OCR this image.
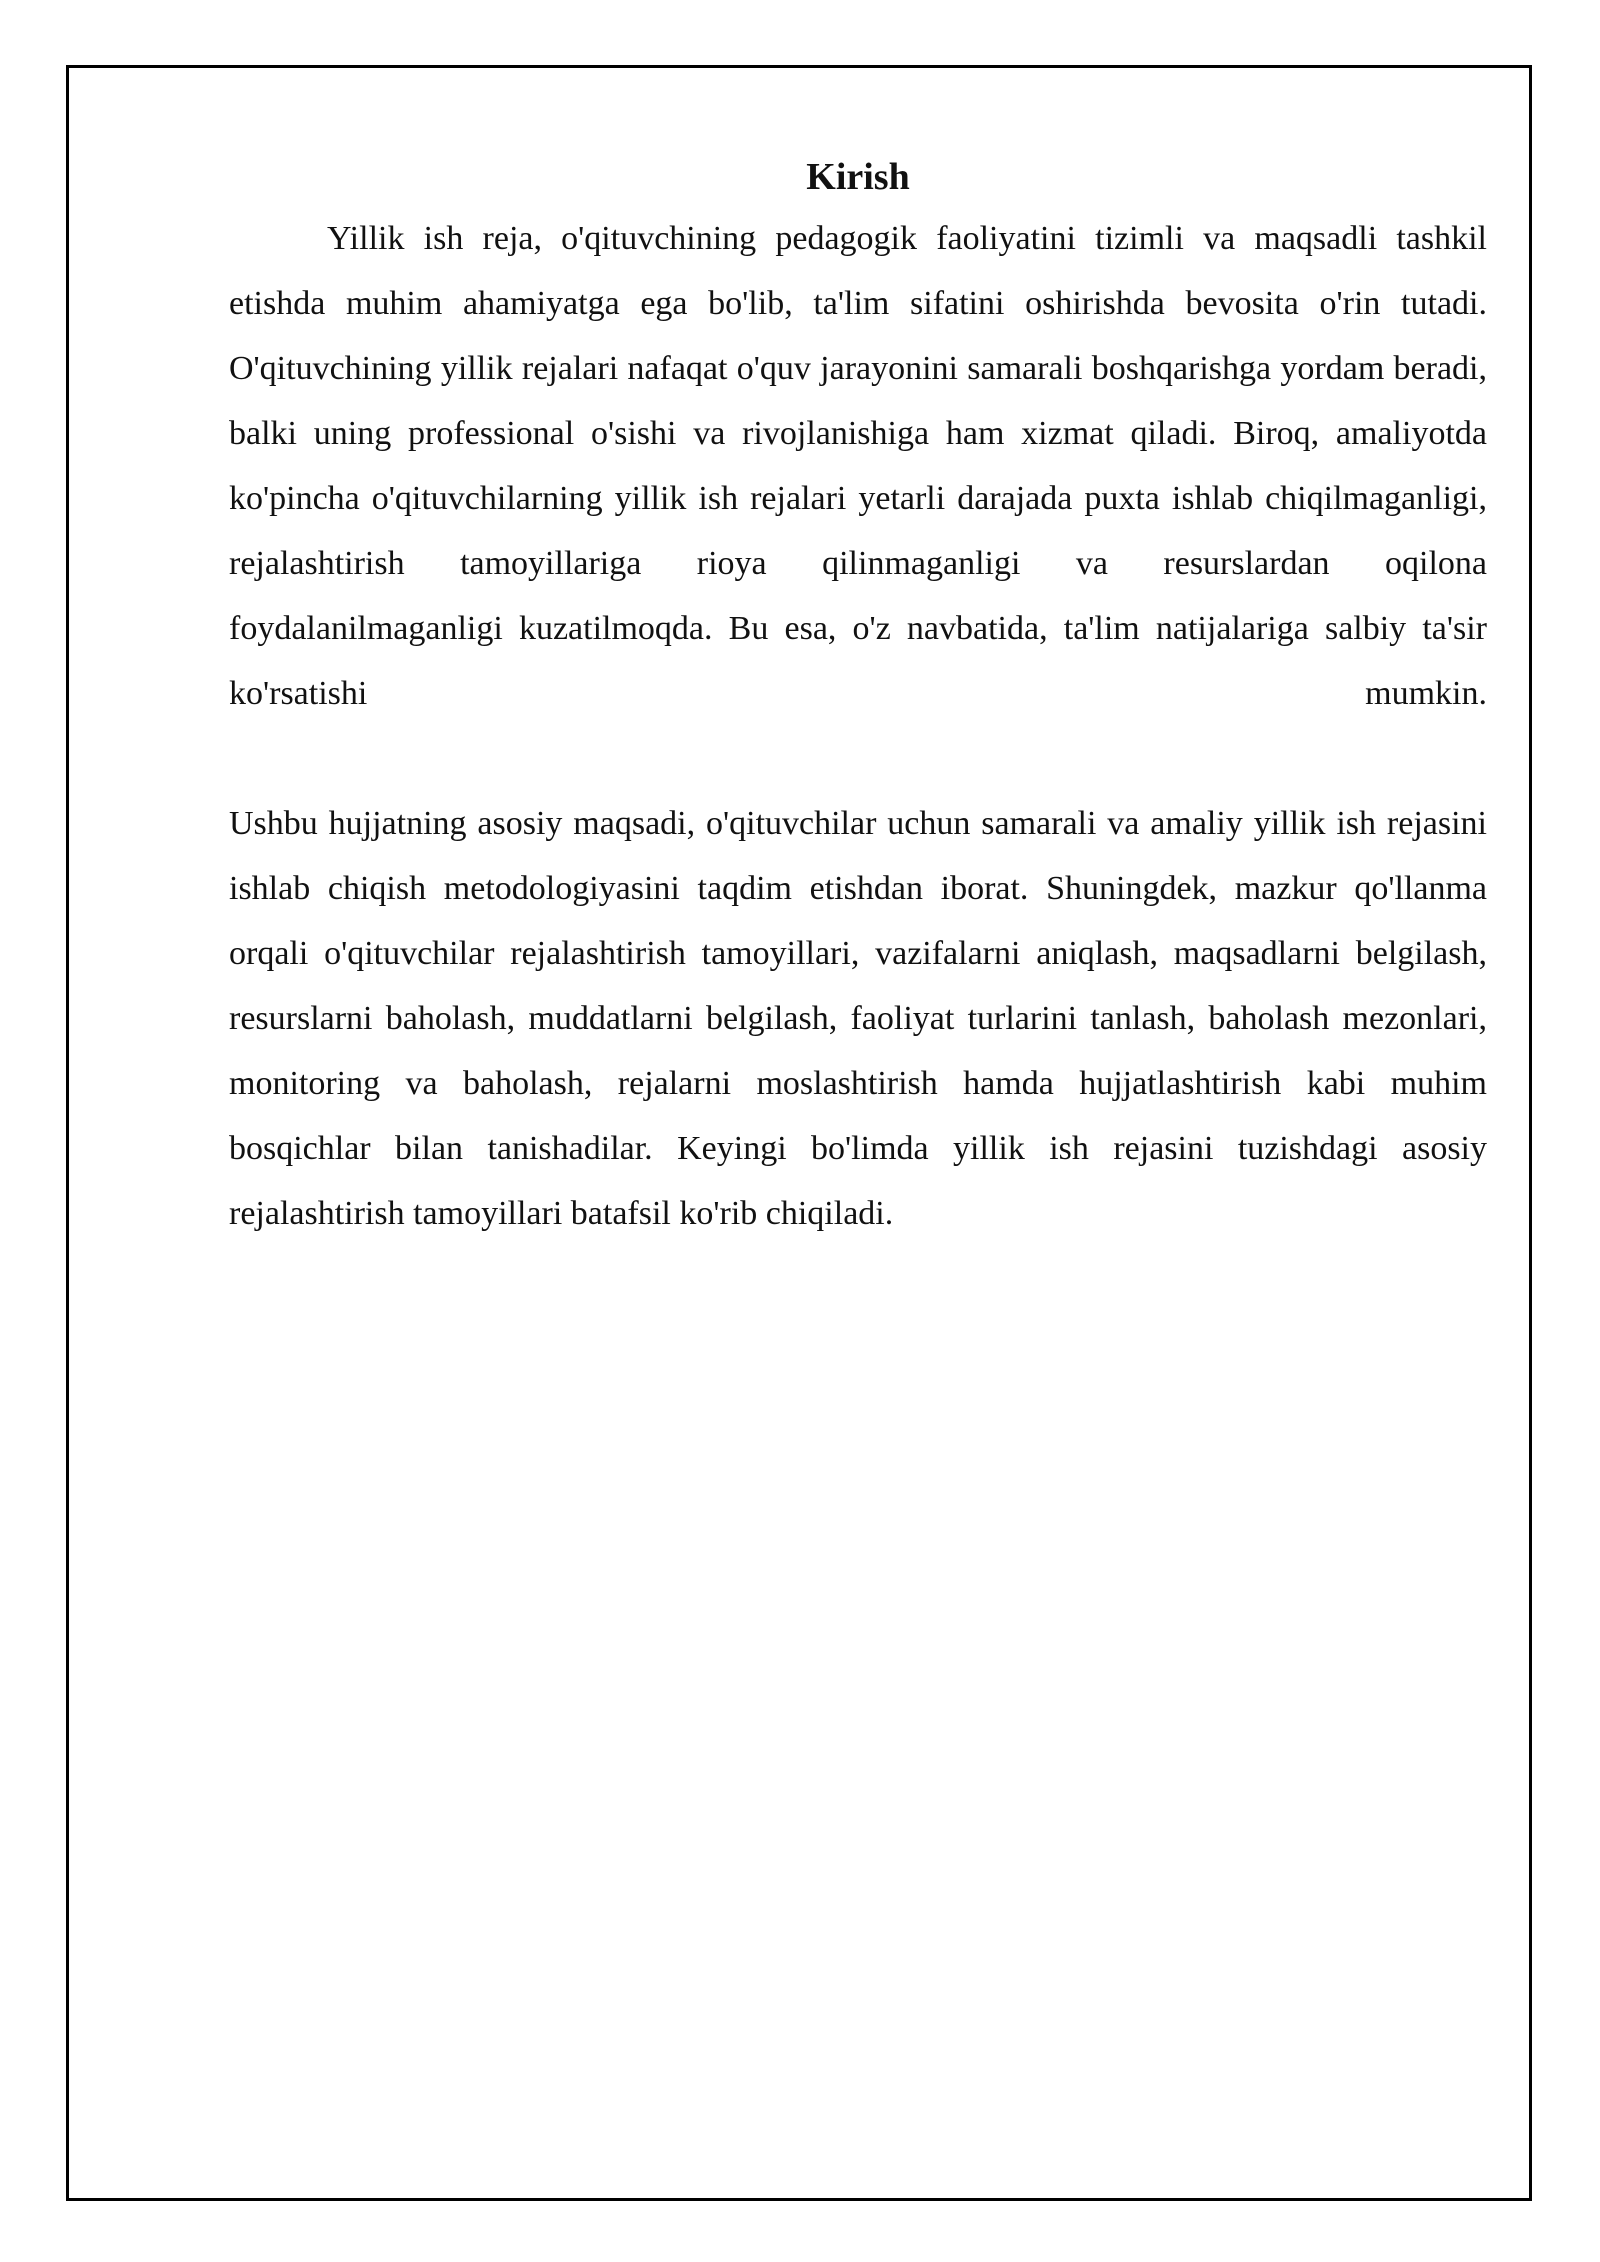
Kirish

Yillik ish reja, o'qituvchining pedagogik faoliyatini tizimli va maqsadli tashkil etishda muhim ahamiyatga ega bo'lib, ta'lim sifatini oshirishda bevosita o'rin tutadi. O'qituvchining yillik rejalari nafaqat o'quv jarayonini samarali boshqarishga yordam beradi, balki uning professional o'sishi va rivojlanishiga ham xizmat qiladi. Biroq, amaliyotda ko'pincha o'qituvchilarning yillik ish rejalari yetarli darajada puxta ishlab chiqilmaganligi, rejalashtirish tamoyillariga rioya qilinmaganligi va resurslardan oqilona foydalanilmaganligi kuzatilmoqda. Bu esa, o'z navbatida, ta'lim natijalariga salbiy ta'sir ko'rsatishi mumkin.

Ushbu hujjatning asosiy maqsadi, o'qituvchilar uchun samarali va amaliy yillik ish rejasini ishlab chiqish metodologiyasini taqdim etishdan iborat. Shuningdek, mazkur qo'llanma orqali o'qituvchilar rejalashtirish tamoyillari, vazifalarni aniqlash, maqsadlarni belgilash, resurslarni baholash, muddatlarni belgilash, faoliyat turlarini tanlash, baholash mezonlari, monitoring va baholash, rejalarni moslashtirish hamda hujjatlashtirish kabi muhim bosqichlar bilan tanishadilar. Keyingi bo'limda yillik ish rejasini tuzishdagi asosiy rejalashtirish tamoyillari batafsil ko'rib chiqiladi.
